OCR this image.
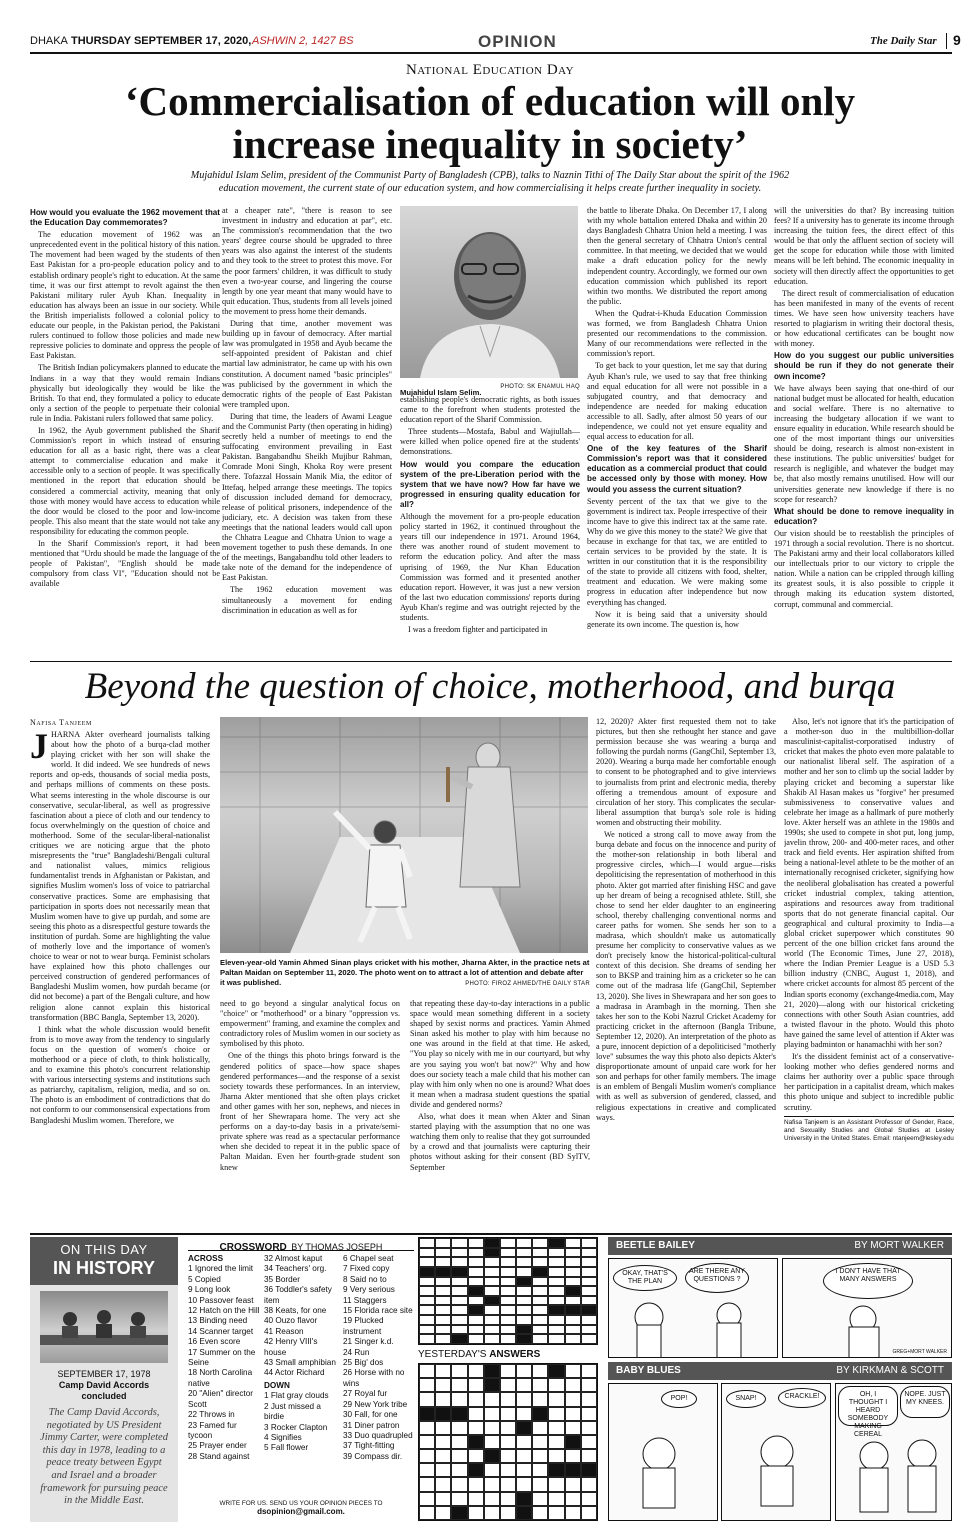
DHAKA THURSDAY SEPTEMBER 17, 2020, ASHWIN 2, 1427 BS	OPINION	The Daily Star 9
National Education Day
‘Commercialisation of education will only
increase inequality in society’
Mujahidul Islam Selim, president of the Communist Party of Bangladesh (CPB), talks to Naznin Tithi of The Daily Star about the spirit of the 1962
education movement, the current state of our education system, and how commercialising it helps create further inequality in society.

How would you evaluate the 1962 movement that the Education Day commemorates?

The education movement of 1962 was an unprecedented event in the political history of this nation. The movement had been waged by the students of then East Pakistan for a pro-people education policy and to establish ordinary people's right to education. At the same time, it was our first attempt to revolt against the then Pakistani military ruler Ayub Khan. Inequality in education has always been an issue in our society. While the British imperialists followed a colonial policy to educate our people, in the Pakistan period, the Pakistani rulers continued to follow those policies and made new repressive policies to dominate and oppress the people of East Pakistan.

The British Indian policymakers planned to educate the Indians in a way that they would remain Indians physically but ideologically they would be like the British. To that end, they formulated a policy to educate only a section of the people to perpetuate their colonial rule in India. Pakistani rulers followed that same policy.

In 1962, the Ayub government published the Sharif Commission's report in which instead of ensuring education for all as a basic right, there was a clear attempt to commercialise education and make it accessible only to a section of people. It was specifically mentioned in the report that education should be considered a commercial activity, meaning that only those with money would have access to education while the door would be closed to the poor and low-income people. This also meant that the state would not take any responsibility for educating the common people.

In the Sharif Commission's report, it had been mentioned that "Urdu should be made the language of the people of Pakistan", "English should be made compulsory from class VI", "Education should not be available

at a cheaper rate", "there is reason to see investment in industry and education at par", etc. The commission's recommendation that the two years' degree course should be upgraded to three years was also against the interest of the students and they took to the street to protest this move. For the poor farmers' children, it was difficult to study even a two-year course, and lingering the course length by one year meant that many would have to quit education. Thus, students from all levels joined the movement to press home their demands.

During that time, another movement was building up in favour of democracy. After martial law was promulgated in 1958 and Ayub became the self-appointed president of Pakistan and chief martial law administrator, he came up with his own constitution. A document named "basic principles" was publicised by the government in which the democratic rights of the people of East Pakistan were trampled upon.

During that time, the leaders of Awami League and the Communist Party (then operating in hiding) secretly held a number of meetings to end the suffocating environment prevailing in East Pakistan. Bangabandhu Sheikh Mujibur Rahman, Comrade Moni Singh, Khoka Roy were present there. Tofazzal Hossain Manik Mia, the editor of Ittefaq, helped arrange these meetings. The topics of discussion included demand for democracy, release of political prisoners, independence of the judiciary, etc. A decision was taken from these meetings that the national leaders would call upon the Chhatra League and Chhatra Union to wage a movement together to push these demands. In one of the meetings, Bangabandhu told other leaders to take note of the demand for the independence of East Pakistan.

The 1962 education movement was simultaneously a movement for ending discrimination in education as well as for

Mujahidul Islam Selim.
PHOTO: SK ENAMUL HAQ

establishing people's democratic rights, as both issues came to the forefront when students protested the education report of the Sharif Commission.

Three students—Mostafa, Babul and Wajiullah—were killed when police opened fire at the students' demonstrations.

How would you compare the education system of the pre-Liberation period with the system that we have now? How far have we progressed in ensuring quality education for all?

Although the movement for a pro-people education policy started in 1962, it continued throughout the years till our independence in 1971. Around 1964, there was another round of student movement to reform the education policy. And after the mass uprising of 1969, the Nur Khan Education Commission was formed and it presented another education report. However, it was just a new version of the last two education commissions' reports during Ayub Khan's regime and was outright rejected by the students.

I was a freedom fighter and participated in

the battle to liberate Dhaka. On December 17, I along with my whole battalion entered Dhaka and within 20 days Bangladesh Chhatra Union held a meeting. I was then the general secretary of Chhatra Union's central committee. In that meeting, we decided that we would make a draft education policy for the newly independent country. Accordingly, we formed our own education commission which published its report within two months. We distributed the report among the public.

When the Qudrat-i-Khuda Education Commission was formed, we from Bangladesh Chhatra Union presented our recommendations to the commission. Many of our recommendations were reflected in the commission's report.

To get back to your question, let me say that during Ayub Khan's rule, we used to say that free thinking and equal education for all were not possible in a subjugated country, and that democracy and independence are needed for making education accessible to all. Sadly, after almost 50 years of our independence, we could not yet ensure equality and equal access to education for all.

One of the key features of the Sharif Commission's report was that it considered education as a commercial product that could be accessed only by those with money. How would you assess the current situation?

Seventy percent of the tax that we give to the government is indirect tax. People irrespective of their income have to give this indirect tax at the same rate. Why do we give this money to the state? We give that because in exchange for that tax, we are entitled to certain services to be provided by the state. It is written in our constitution that it is the responsibility of the state to provide all citizens with food, shelter, treatment and education. We were making some progress in education after independence but now everything has changed.

Now it is being said that a university should generate its own income. The question is, how

will the universities do that? By increasing tuition fees? If a university has to generate its income through increasing the tuition fees, the direct effect of this would be that only the affluent section of society will get the scope for education while those with limited means will be left behind. The economic inequality in society will then directly affect the opportunities to get education.

The direct result of commercialisation of education has been manifested in many of the events of recent times. We have seen how university teachers have resorted to plagiarism in writing their doctoral thesis, or how educational certificates can be bought now with money.

How do you suggest our public universities should be run if they do not generate their own income?

We have always been saying that one-third of our national budget must be allocated for health, education and social welfare. There is no alternative to increasing the budgetary allocation if we want to ensure equality in education. While research should be one of the most important things our universities should be doing, research is almost non-existent in these institutions. The public universities' budget for research is negligible, and whatever the budget may be, that also mostly remains unutilised. How will our universities generate new knowledge if there is no scope for research?

What should be done to remove inequality in education?

Our vision should be to reestablish the principles of 1971 through a social revolution. There is no shortcut. The Pakistani army and their local collaborators killed our intellectuals prior to our victory to cripple the nation. While a nation can be crippled through killing its greatest souls, it is also possible to cripple it through making its education system distorted, corrupt, communal and commercial.

Beyond the question of choice, motherhood, and burqa
Nafisa Tanjeem

JHARNA Akter overheard journalists talking about how the photo of a burqa-clad mother playing cricket with her son will shake the world. It did indeed. We see hundreds of news reports and op-eds, thousands of social media posts, and perhaps millions of comments on these posts. What seems interesting in the whole discourse is our conservative, secular-liberal, as well as progressive fascination about a piece of cloth and our tendency to focus overwhelmingly on the question of choice and motherhood. Some of the secular-liberal-nationalist critiques we are noticing argue that the photo misrepresents the "true" Bangladeshi/Bengali cultural and nationalist values, mimics religious fundamentalist trends in Afghanistan or Pakistan, and signifies Muslim women's loss of voice to patriarchal conservative practices. Some are emphasising that participation in sports does not necessarily mean that Muslim women have to give up purdah, and some are seeing this photo as a disrespectful gesture towards the institution of purdah. Some are highlighting the value of motherly love and the importance of women's choice to wear or not to wear burqa. Feminist scholars have explained how this photo challenges our perceived construction of gendered performances of Bangladeshi Muslim women, how purdah became (or did not become) a part of the Bengali culture, and how religion alone cannot explain this historical transformation (BBC Bangla, September 13, 2020).

I think what the whole discussion would benefit from is to move away from the tendency to singularly focus on the question of women's choice or motherhood or a piece of cloth, to think holistically, and to examine this photo's concurrent relationship with various intersecting systems and institutions such as patriarchy, capitalism, religion, media, and so on. The photo is an embodiment of contradictions that do not conform to our commonsensical expectations from Bangladeshi Muslim women. Therefore, we

Eleven-year-old Yamin Ahmed Sinan plays cricket with his mother, Jharna Akter, in the practice nets at Paltan Maidan on September 11, 2020. The photo went on to attract a lot of attention and debate after it was published.	PHOTO: FIROZ AHMED/THE DAILY STAR

need to go beyond a singular analytical focus on "choice" or "motherhood" or a binary "oppression vs. empowerment" framing, and examine the complex and contradictory roles of Muslim women in our society as symbolised by this photo.

One of the things this photo brings forward is the gendered politics of space—how space shapes gendered performances—and the response of a sexist society towards these performances. In an interview, Jharna Akter mentioned that she often plays cricket and other games with her son, nephews, and nieces in front of her Shewrapara home. The very act she performs on a day-to-day basis in a private/semi-private sphere was read as a spectacular performance when she decided to repeat it in the public space of Paltan Maidan. Even her fourth-grade student son knew

that repeating these day-to-day interactions in a public space would mean something different in a society shaped by sexist norms and practices. Yamin Ahmed Sinan asked his mother to play with him because no one was around in the field at that time. He asked, "You play so nicely with me in our courtyard, but why are you saying you won't bat now?" Why and how does our society teach a male child that his mother can play with him only when no one is around? What does it mean when a madrasa student questions the spatial divide and gendered norms?

Also, what does it mean when Akter and Sinan started playing with the assumption that no one was watching them only to realise that they got surrounded by a crowd and that journalists were capturing their photos without asking for their consent (BD SylTV, September

12, 2020)? Akter first requested them not to take pictures, but then she rethought her stance and gave permission because she was wearing a burqa and following the purdah norms (GangChil, September 13, 2020). Wearing a burqa made her comfortable enough to consent to be photographed and to give interviews to journalists from print and electronic media, thereby offering a tremendous amount of exposure and circulation of her story. This complicates the secular-liberal assumption that burqa's sole role is hiding women and obstructing their mobility.

We noticed a strong call to move away from the burqa debate and focus on the innocence and purity of the mother-son relationship in both liberal and progressive circles, which—I would argue—risks depoliticising the representation of motherhood in this photo. Akter got married after finishing HSC and gave up her dream of being a recognised athlete. Still, she chose to send her elder daughter to an engineering school, thereby challenging conventional norms and career paths for women. She sends her son to a madrasa, which shouldn't make us automatically presume her complicity to conservative values as we don't precisely know the historical-political-cultural context of this decision. She dreams of sending her son to BKSP and training him as a cricketer so he can come out of the madrasa life (GangChil, September 13, 2020). She lives in Shewrapara and her son goes to a madrasa in Arambagh in the morning. Then she takes her son to the Kobi Nazrul Cricket Academy for practicing cricket in the afternoon (Bangla Tribune, September 12, 2020). An interpretation of the photo as a pure, innocent depiction of a depoliticised "motherly love" subsumes the way this photo also depicts Akter's disproportionate amount of unpaid care work for her son and perhaps for other family members. The image is an emblem of Bengali Muslim women's compliance with as well as subversion of gendered, classed, and religious expectations in creative and complicated ways.

Also, let's not ignore that it's the participation of a mother-son duo in the multibillion-dollar masculinist-capitalist-corporatised industry of cricket that makes the photo even more palatable to our nationalist liberal self. The aspiration of a mother and her son to climb up the social ladder by playing cricket and becoming a superstar like Shakib Al Hasan makes us "forgive" her presumed submissiveness to conservative values and celebrate her image as a hallmark of pure motherly love. Akter herself was an athlete in the 1980s and 1990s; she used to compete in shot put, long jump, javelin throw, 200- and 400-meter races, and other track and field events. Her aspiration shifted from being a national-level athlete to be the mother of an internationally recognised cricketer, signifying how the neoliberal globalisation has created a powerful cricket industrial complex, taking attention, aspirations and resources away from traditional sports that do not generate financial capital. Our geographical and cultural proximity to India—a global cricket superpower which constitutes 90 percent of the one billion cricket fans around the world (The Economic Times, June 27, 2018), where the Indian Premier League is a USD 5.3 billion industry (CNBC, August 1, 2018), and where cricket accounts for almost 85 percent of the Indian sports economy (exchange4media.com, May 21, 2020)—along with our historical cricketing connections with other South Asian countries, add a twisted flavour in the photo. Would this photo have gained the same level of attention if Akter was playing badminton or hanamachhi with her son?

It's the dissident feminist act of a conservative-looking mother who defies gendered norms and claims her authority over a public space through her participation in a capitalist dream, which makes this photo unique and subject to incredible public scrutiny.

Nafisa Tanjeem is an Assistant Professor of Gender, Race, and Sexuality Studies and Global Studies at Lesley University in the United States. Email: ntanjeem@lesley.edu

ON THIS DAY
IN HISTORY
SEPTEMBER 17, 1978
Camp David Accords concluded
The Camp David Accords, negotiated by US President Jimmy Carter, were completed this day in 1978, leading to a peace treaty between Egypt and Israel and a broader framework for pursuing peace in the Middle East.
CROSSWORD BY THOMAS JOSEPH
ACROSS
1 Ignored the limit
5 Copied
9 Long look
10 Passover feast
12 Hatch on the Hill
13 Binding need
14 Scanner target
16 Even score
17 Summer on the Seine
18 North Carolina native
20 "Alien" director Scott
22 Throws in
23 Famed fur tycoon
25 Prayer ender
28 Stand against
32 Almost kaput
34 Teachers' org.
35 Border
36 Toddler's safety item
38 Keats, for one
40 Ouzo flavor
41 Reason
42 Henry VIII's house
43 Small amphibian
44 Actor Richard
DOWN
1 Flat gray clouds
2 Just missed a birdie
3 Rocker Clapton
4 Signifies
5 Fall flower
6 Chapel seat
7 Fixed copy
8 Said no to
9 Very serious
11 Staggers
15 Florida race site
19 Plucked instrument
21 Singer k.d.
24 Run
25 Big' dos
26 Horse with no wins
27 Royal fur
29 New York tribe
30 Fall, for one
31 Diner patron
33 Duo quadrupled
37 Tight-fitting
39 Compass dir.
YESTERDAY'S ANSWERS
WRITE FOR US. SEND US YOUR OPINION PIECES TO
dsopinion@gmail.com.
BEETLE BAILEY	BY MORT WALKER
OKAY, THAT'S THE PLAN
ARE THERE ANY QUESTIONS ?
I DON'T HAVE THAT MANY ANSWERS
GREG+MORT WALKER
BABY BLUES	BY KIRKMAN & SCOTT
POP!	SNAP!	CRACKLE!	OH, I THOUGHT I HEARD SOMEBODY MAKING CEREAL
NOPE. JUST MY KNEES.
